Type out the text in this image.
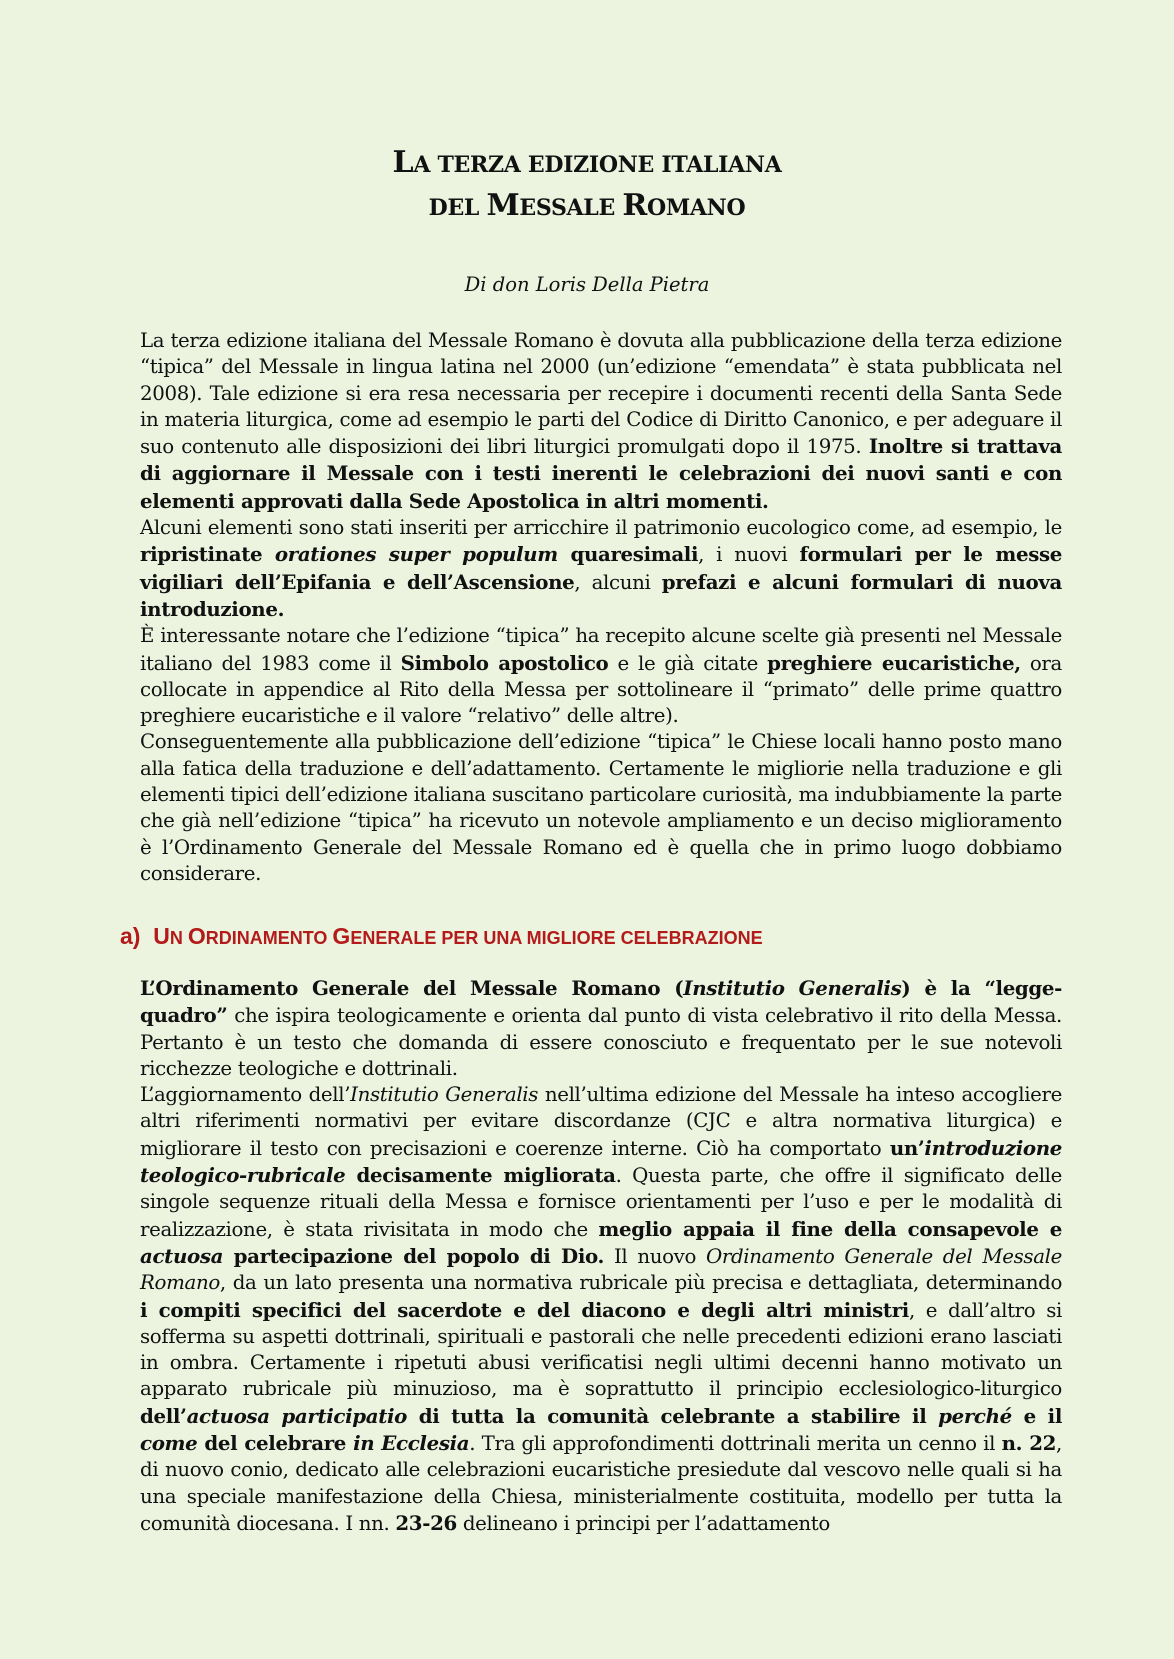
LA TERZA EDIZIONE ITALIANA
DEL MESSALE ROMANO
Di don Loris Della Pietra

La terza edizione italiana del Messale Romano è dovuta alla pubblicazione della terza edizione “tipica” del Messale in lingua latina nel 2000 (un’edizione “emendata” è stata pubblicata nel 2008). Tale edizione si era resa necessaria per recepire i documenti recenti della Santa Sede in materia liturgica, come ad esempio le parti del Codice di Diritto Canonico, e per adeguare il suo contenuto alle disposizioni dei libri liturgici promulgati dopo il 1975. Inoltre si trattava di aggiornare il Messale con i testi inerenti le celebrazioni dei nuovi santi e con elementi approvati dalla Sede Apostolica in altri momenti.

Alcuni elementi sono stati inseriti per arricchire il patrimonio eucologico come, ad esempio, le ripristinate orationes super populum quaresimali, i nuovi formulari per le messe vigiliari dell’Epifania e dell’Ascensione, alcuni prefazi e alcuni formulari di nuova introduzione.

È interessante notare che l’edizione “tipica” ha recepito alcune scelte già presenti nel Messale italiano del 1983 come il Simbolo apostolico e le già citate preghiere eucaristiche, ora collocate in appendice al Rito della Messa per sottolineare il “primato” delle prime quattro preghiere eucaristiche e il valore “relativo” delle altre).

Conseguentemente alla pubblicazione dell’edizione “tipica” le Chiese locali hanno posto mano alla fatica della traduzione e dell’adattamento. Certamente le migliorie nella traduzione e gli elementi tipici dell’edizione italiana suscitano particolare curiosità, ma indubbiamente la parte che già nell’edizione “tipica” ha ricevuto un notevole ampliamento e un deciso miglioramento è l’Ordinamento Generale del Messale Romano ed è quella che in primo luogo dobbiamo considerare.

a) UN ORDINAMENTO GENERALE PER UNA MIGLIORE CELEBRAZIONE

L’Ordinamento Generale del Messale Romano (Institutio Generalis) è la “legge-quadro” che ispira teologicamente e orienta dal punto di vista celebrativo il rito della Messa. Pertanto è un testo che domanda di essere conosciuto e frequentato per le sue notevoli ricchezze teologiche e dottrinali.

L’aggiornamento dell’Institutio Generalis nell’ultima edizione del Messale ha inteso accogliere altri riferimenti normativi per evitare discordanze (CJC e altra normativa liturgica) e migliorare il testo con precisazioni e coerenze interne. Ciò ha comportato un’introduzione teologico-rubricale decisamente migliorata. Questa parte, che offre il significato delle singole sequenze rituali della Messa e fornisce orientamenti per l’uso e per le modalità di realizzazione, è stata rivisitata in modo che meglio appaia il fine della consapevole e actuosa partecipazione del popolo di Dio. Il nuovo Ordinamento Generale del Messale Romano, da un lato presenta una normativa rubricale più precisa e dettagliata, determinando i compiti specifici del sacerdote e del diacono e degli altri ministri, e dall’altro si sofferma su aspetti dottrinali, spirituali e pastorali che nelle precedenti edizioni erano lasciati in ombra. Certamente i ripetuti abusi verificatisi negli ultimi decenni hanno motivato un apparato rubricale più minuzioso, ma è soprattutto il principio ecclesiologico-liturgico dell’actuosa participatio di tutta la comunità celebrante a stabilire il perché e il come del celebrare in Ecclesia. Tra gli approfondimenti dottrinali merita un cenno il n. 22, di nuovo conio, dedicato alle celebrazioni eucaristiche presiedute dal vescovo nelle quali si ha una speciale manifestazione della Chiesa, ministerialmente costituita, modello per tutta la comunità diocesana. I nn. 23-26 delineano i principi per l’adattamento
